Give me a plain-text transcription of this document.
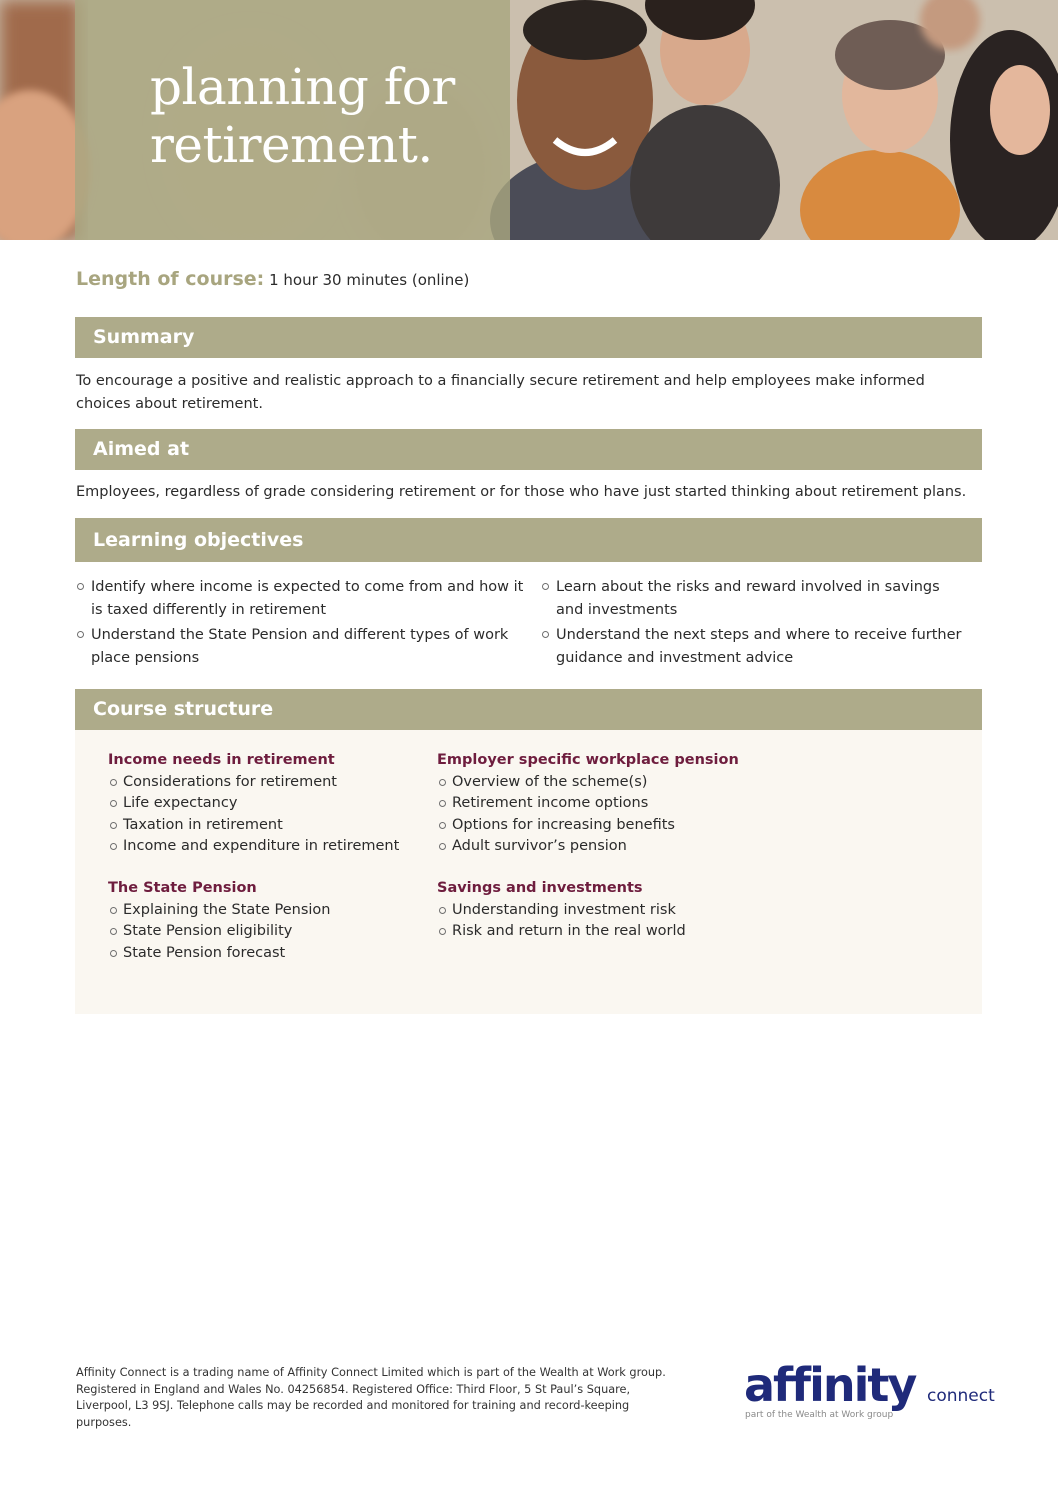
planning for
retirement.
Length of course: 1 hour 30 minutes (online)
Summary

To encourage a positive and realistic approach to a financially secure retirement and help employees make informed choices about retirement.

Aimed at

Employees, regardless of grade considering retirement or for those who have just started thinking about retirement plans.

Learning objectives
Identify where income is expected to come from and how it is taxed differently in retirement
Understand the State Pension and different types of work place pensions
Learn about the risks and reward involved in savings and investments
Understand the next steps and where to receive further guidance and investment advice
Course structure

Income needs in retirement

Considerations for retirement
Life expectancy
Taxation in retirement
Income and expenditure in retirement

The State Pension

Explaining the State Pension
State Pension eligibility
State Pension forecast

Employer specific workplace pension

Overview of the scheme(s)
Retirement income options
Options for increasing benefits
Adult survivor’s pension

Savings and investments

Understanding investment risk
Risk and return in the real world

Affinity Connect is a trading name of Affinity Connect Limited which is part of the Wealth at Work group. Registered in England and Wales No. 04256854. Registered Office: Third Floor, 5 St Paul’s Square, Liverpool, L3 9SJ. Telephone calls may be recorded and monitored for training and record-keeping purposes.

affinity connect
part of the Wealth at Work group
